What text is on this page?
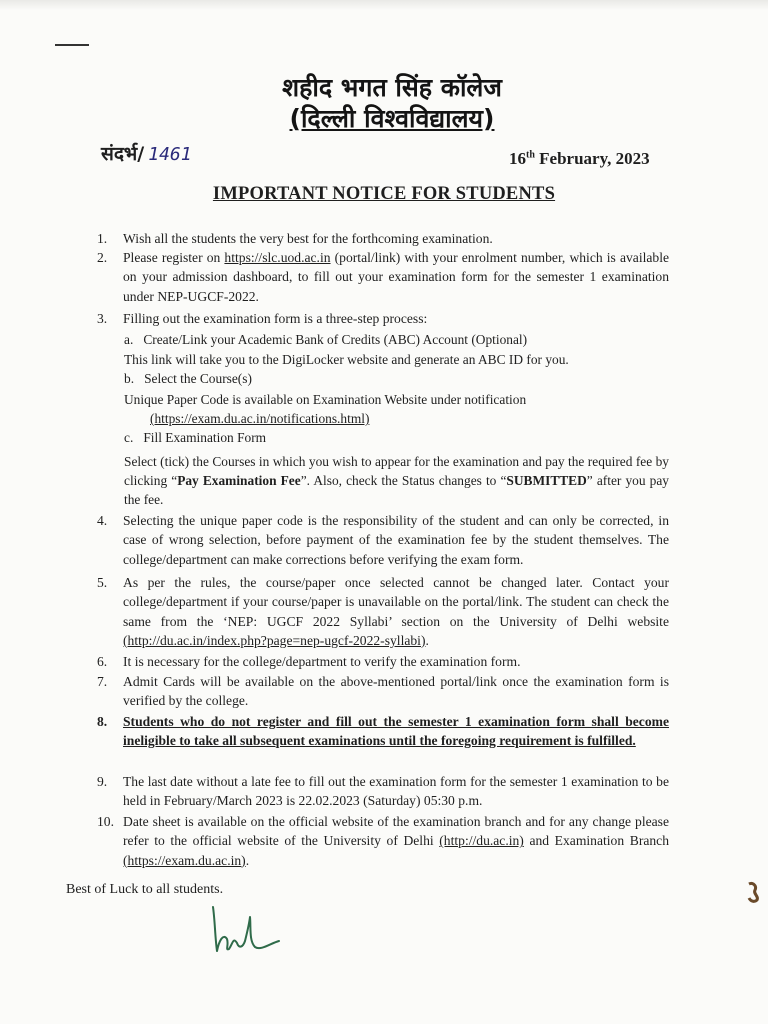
शहीद भगत सिंह कॉलेज
(दिल्ली विश्वविद्यालय)
संदर्भ/ 1461	16th February, 2023
IMPORTANT NOTICE FOR STUDENTS
1.	Wish all the students the very best for the forthcoming examination.
2.	Please register on https://slc.uod.ac.in (portal/link) with your enrolment number, which is available on your admission dashboard, to fill out your examination form for the semester 1 examination under NEP-UGCF-2022.
3.	Filling out the examination form is a three-step process:
a. Create/Link your Academic Bank of Credits (ABC) Account (Optional)
This link will take you to the DigiLocker website and generate an ABC ID for you.
b. Select the Course(s)
Unique Paper Code is available on Examination Website under notification
(https://exam.du.ac.in/notifications.html)
c. Fill Examination Form
Select (tick) the Courses in which you wish to appear for the examination and pay the required fee by clicking “Pay Examination Fee”. Also, check the Status changes to “SUBMITTED” after you pay the fee.
4.	Selecting the unique paper code is the responsibility of the student and can only be corrected, in case of wrong selection, before payment of the examination fee by the student themselves. The college/department can make corrections before verifying the exam form.
5.	As per the rules, the course/paper once selected cannot be changed later. Contact your college/department if your course/paper is unavailable on the portal/link. The student can check the same from the ‘NEP: UGCF 2022 Syllabi’ section on the University of Delhi website (http://du.ac.in/index.php?page=nep-ugcf-2022-syllabi).
6.	It is necessary for the college/department to verify the examination form.
7.	Admit Cards will be available on the above-mentioned portal/link once the examination form is verified by the college.
8.	Students who do not register and fill out the semester 1 examination form shall become ineligible to take all subsequent examinations until the foregoing requirement is fulfilled.
9.	The last date without a late fee to fill out the examination form for the semester 1 examination to be held in February/March 2023 is 22.02.2023 (Saturday) 05:30 p.m.
10. Date sheet is available on the official website of the examination branch and for any change please refer to the official website of the University of Delhi (http://du.ac.in) and Examination Branch (https://exam.du.ac.in).
Best of Luck to all students.
